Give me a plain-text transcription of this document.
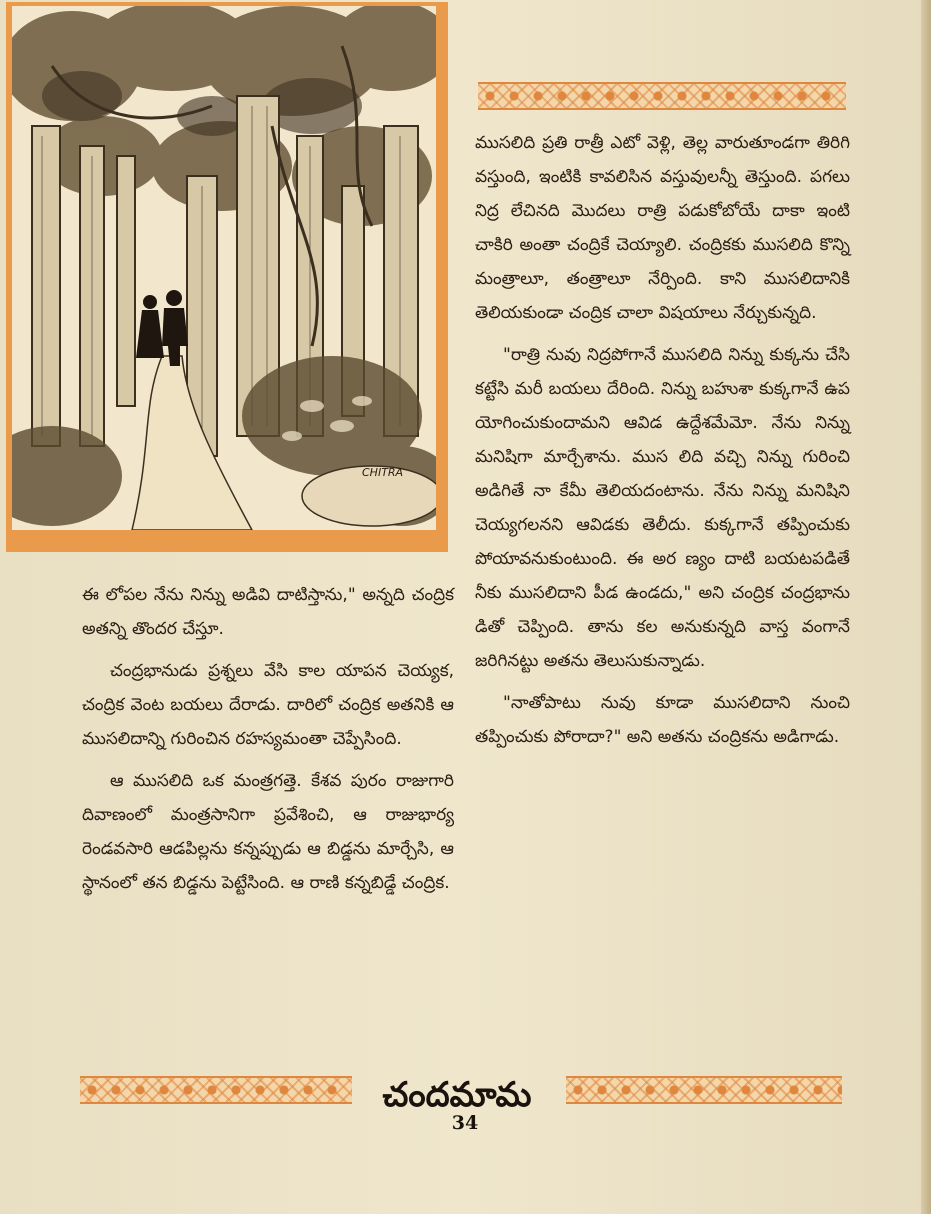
CHITRA

ముసలిది ప్రతి రాత్రీ ఎటో వెళ్లి, తెల్ల వారుతూండగా తిరిగి వస్తుంది, ఇంటికి కావలిసిన వస్తువులన్నీ తెస్తుంది. పగలు నిద్ర లేచినది మొదలు రాత్రి పడుకోబోయే దాకా ఇంటి చాకిరి అంతా చంద్రికే చెయ్యాలి. చంద్రికకు ముసలిది కొన్ని మంత్రాలూ, తంత్రాలూ నేర్పింది. కాని ముసలిదానికి తెలియకుండా చంద్రిక చాలా విషయాలు నేర్చుకున్నది.

"రాత్రి నువు నిద్రపోగానే ముసలిది నిన్ను కుక్కను చేసి కట్టేసి మరీ బయలు దేరింది. నిన్ను బహుశా కుక్కగానే ఉప యోగించుకుందామని ఆవిడ ఉద్దేశమేమో. నేను నిన్ను మనిషిగా మార్చేశాను. ముస లిది వచ్చి నిన్ను గురించి అడిగితే నా కేమీ తెలియదంటాను. నేను నిన్ను మనిషిని చెయ్యగలనని ఆవిడకు తెలీదు. కుక్కగానే తప్పించుకు పోయావనుకుంటుంది. ఈ అర ణ్యం దాటి బయటపడితే నీకు ముసలిదాని పీడ ఉండదు," అని చంద్రిక చంద్రభాను డితో చెప్పింది. తాను కల అనుకున్నది వాస్త వంగానే జరిగినట్టు అతను తెలుసుకున్నాడు.

"నాతోపాటు నువు కూడా ముసలిదాని నుంచి తప్పించుకు పోరాదా?" అని అతను చంద్రికను అడిగాడు.

ఈ లోపల నేను నిన్ను అడివి దాటిస్తాను," అన్నది చంద్రిక అతన్ని తొందర చేస్తూ.

చంద్రభానుడు ప్రశ్నలు వేసి కాల యాపన చెయ్యక, చంద్రిక వెంట బయలు దేరాడు. దారిలో చంద్రిక అతనికి ఆ ముసలిదాన్ని గురించిన రహస్యమంతా చెప్పేసింది.

ఆ ముసలిది ఒక మంత్రగత్తె. కేశవ పురం రాజుగారి దివాణంలో మంత్రసానిగా ప్రవేశించి, ఆ రాజుభార్య రెండవసారి ఆడపిల్లను కన్నప్పుడు ఆ బిడ్డను మార్చేసి, ఆ స్థానంలో తన బిడ్డను పెట్టేసింది. ఆ రాణి కన్నబిడ్డే చంద్రిక.

చందమామ
34
